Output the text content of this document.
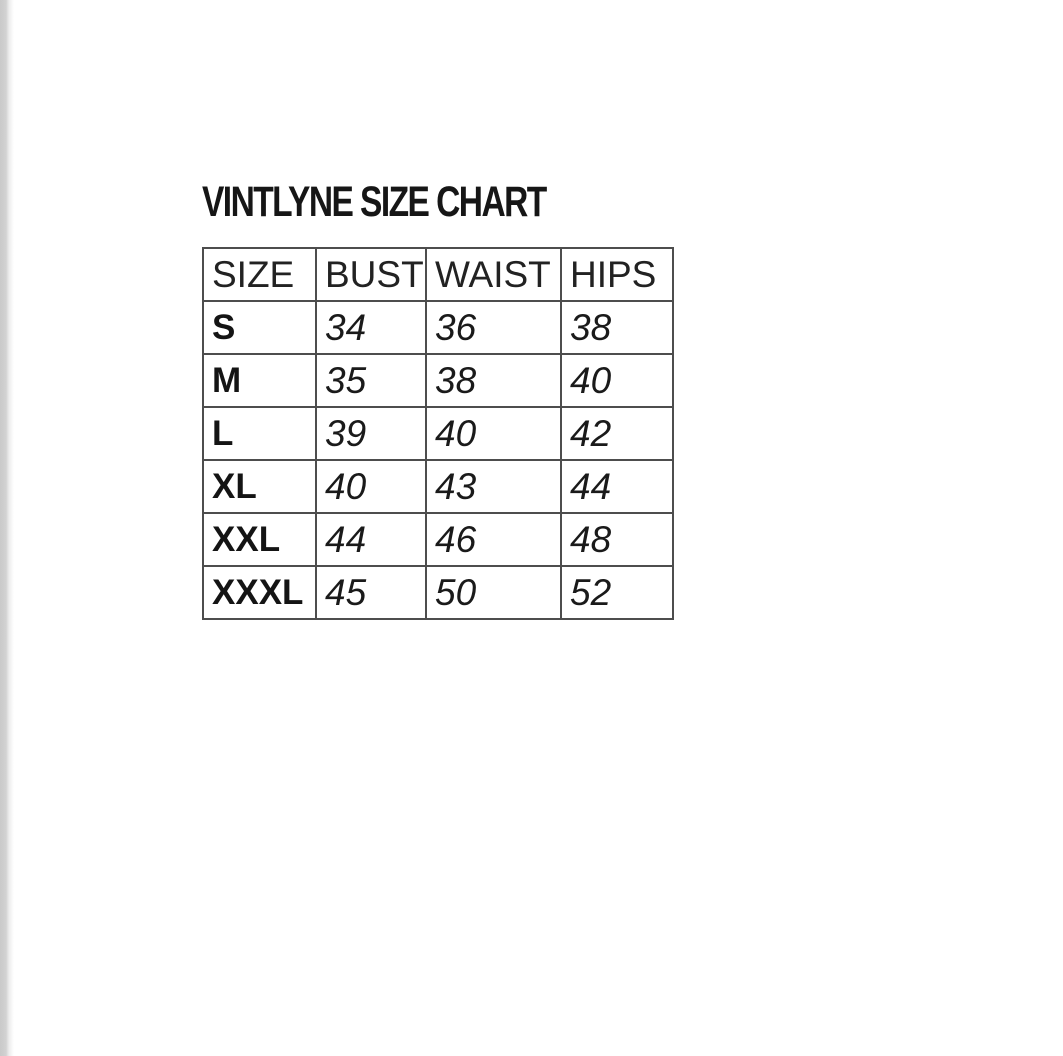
VINTLYNE SIZE CHART
SIZE	BUST	WAIST	HIPS
S	34	36	38
M	35	38	40
L	39	40	42
XL	40	43	44
XXL	44	46	48
XXXL	45	50	52
